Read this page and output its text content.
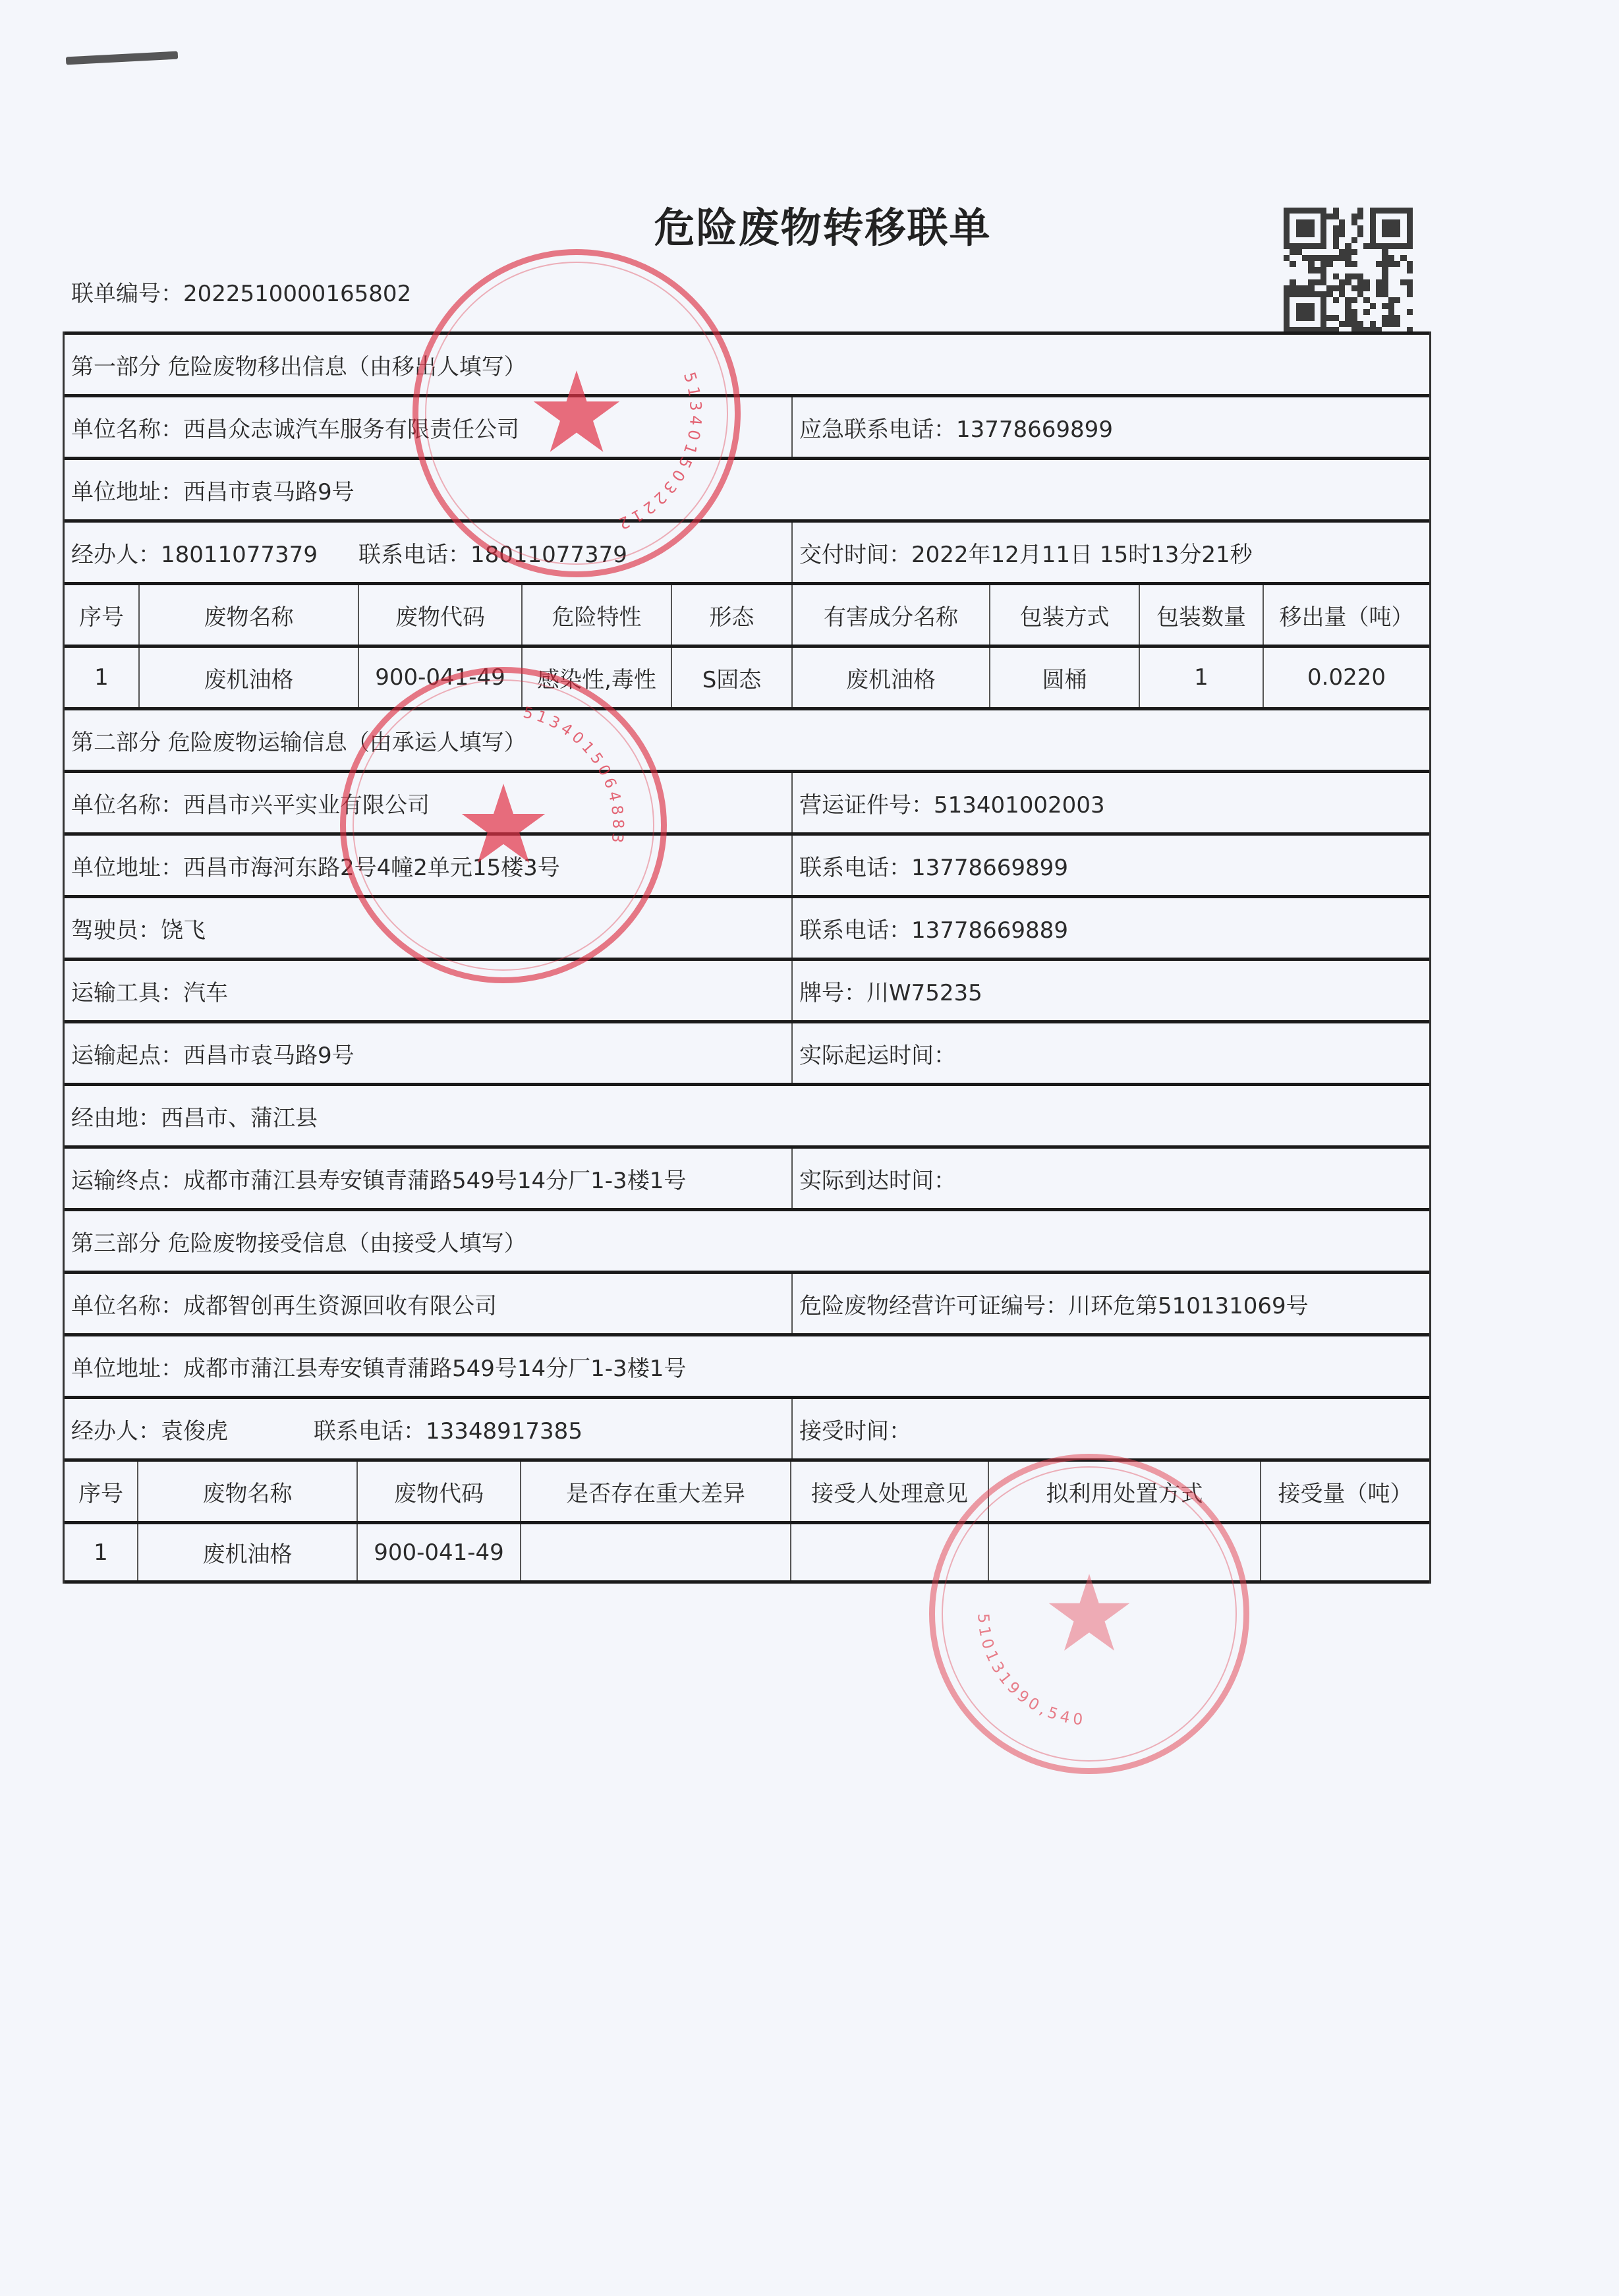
危险废物转移联单
联单编号：2022510000165802
第一部分 危险废物移出信息（由移出人填写）
单位名称：西昌众志诚汽车服务有限责任公司	应急联系电话：13778669899
单位地址：西昌市袁马路9号
经办人：18011077379 联系电话：18011077379	交付时间：2022年12月11日 15时13分21秒
序号	废物名称	废物代码	危险特性	形态	有害成分名称	包装方式	包装数量	移出量（吨）
1	废机油格	900-041-49	感染性,毒性	S固态	废机油格	圆桶	1	0.0220
第二部分 危险废物运输信息（由承运人填写）
单位名称：西昌市兴平实业有限公司	营运证件号：513401002003
单位地址：西昌市海河东路2号4幢2单元15楼3号	联系电话：13778669899
驾驶员：饶飞	联系电话：13778669889
运输工具：汽车	牌号：川W75235
运输起点：西昌市袁马路9号	实际起运时间：
经由地：西昌市、蒲江县
运输终点：成都市蒲江县寿安镇青蒲路549号14分厂1-3楼1号	实际到达时间：
第三部分 危险废物接受信息（由接受人填写）
单位名称：成都智创再生资源回收有限公司	危险废物经营许可证编号：川环危第510131069号
单位地址：成都市蒲江县寿安镇青蒲路549号14分厂1-3楼1号
经办人：袁俊虎	联系电话：13348917385	接受时间：
序号	废物名称	废物代码	是否存在重大差异	接受人处理意见	拟利用处置方式	接受量（吨）
1	废机油格	900-041-49
5134015032212
★
5134015064883
★
510131990,540
★
